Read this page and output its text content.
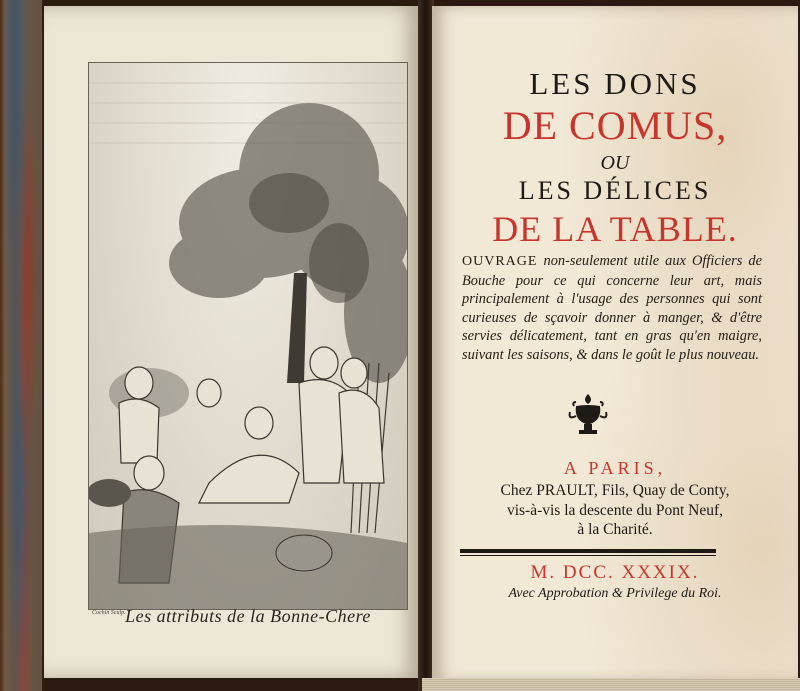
Cochin Sculp. Les attributs de la Bonne-Chere
LES DONS
DE COMUS,
OU
LES DÉLICES
DE LA TABLE.
OUVRAGE non-seulement utile aux Officiers de Bouche pour ce qui concerne leur art, mais principalement à l'usage des personnes qui sont curieuses de sçavoir donner à manger, & d'être servies délicatement, tant en gras qu'en maigre, suivant les saisons, & dans le goût le plus nouveau.
A PARIS,
Chez PRAULT, Fils, Quay de Conty,
vis-à-vis la descente du Pont Neuf,
à la Charité.
M. DCC. XXXIX.
Avec Approbation & Privilege du Roi.
